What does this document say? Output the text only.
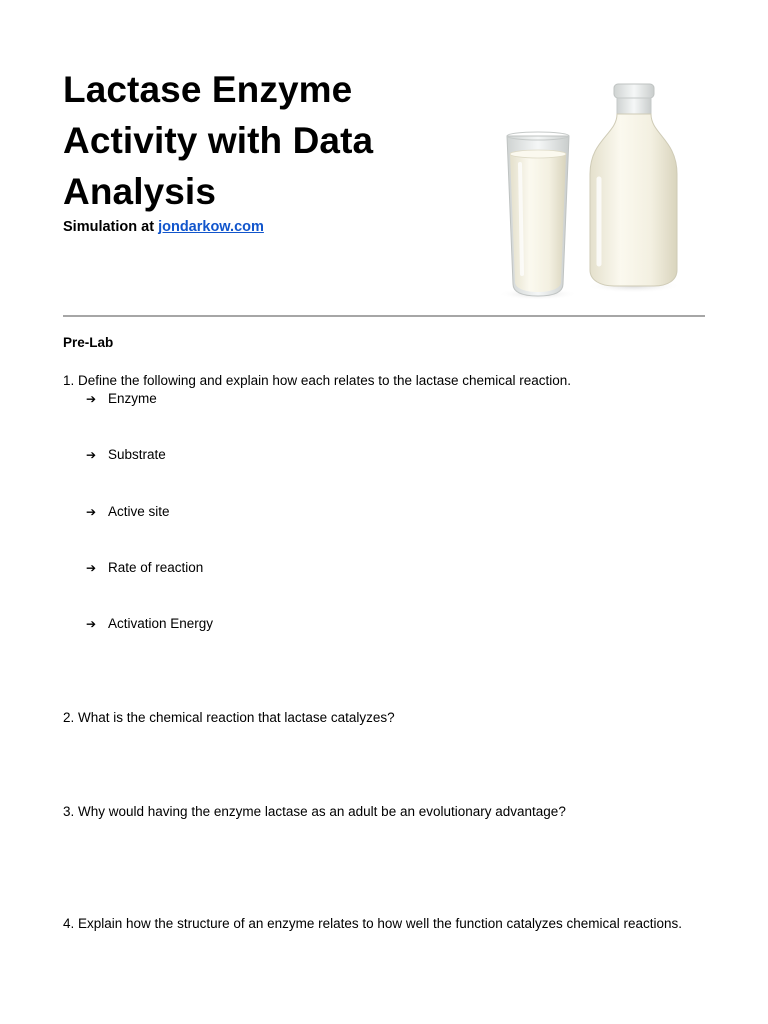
Lactase Enzyme Activity with Data Analysis
Simulation at jondarkow.com
Pre-Lab
1. Define the following and explain how each relates to the lactase chemical reaction.
➔ Enzyme
➔ Substrate
➔ Active site
➔ Rate of reaction
➔ Activation Energy
2. What is the chemical reaction that lactase catalyzes?
3. Why would having the enzyme lactase as an adult be an evolutionary advantage?
4. Explain how the structure of an enzyme relates to how well the function catalyzes chemical reactions.
